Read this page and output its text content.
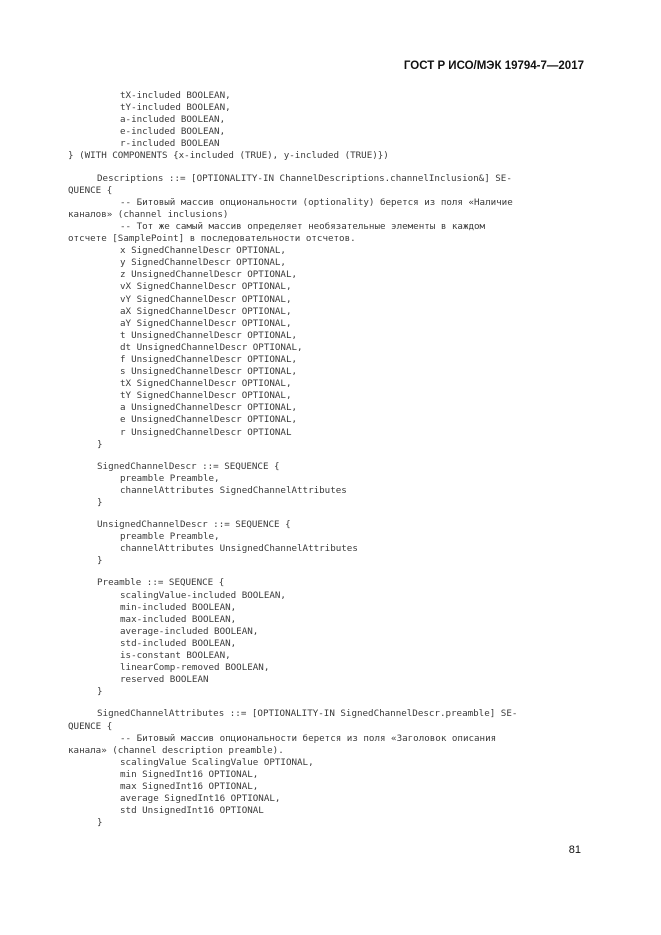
ГОСТ Р ИСО/МЭК 19794-7—2017
tX-included BOOLEAN,
tY-included BOOLEAN,
a-included BOOLEAN,
e-included BOOLEAN,
r-included BOOLEAN
} (WITH COMPONENTS {x-included (TRUE), y-included (TRUE)})
Descriptions ::= [OPTIONALITY-IN ChannelDescriptions.channelInclusion&] SE-
QUENCE {
-- Битовый массив опциональности (optionality) берется из поля «Наличие
каналов» (channel inclusions)
-- Тот же самый массив определяет необязательные элементы в каждом
отсчете [SamplePoint] в последовательности отсчетов.
x SignedChannelDescr OPTIONAL,
y SignedChannelDescr OPTIONAL,
z UnsignedChannelDescr OPTIONAL,
vX SignedChannelDescr OPTIONAL,
vY SignedChannelDescr OPTIONAL,
aX SignedChannelDescr OPTIONAL,
aY SignedChannelDescr OPTIONAL,
t UnsignedChannelDescr OPTIONAL,
dt UnsignedChannelDescr OPTIONAL,
f UnsignedChannelDescr OPTIONAL,
s UnsignedChannelDescr OPTIONAL,
tX SignedChannelDescr OPTIONAL,
tY SignedChannelDescr OPTIONAL,
a UnsignedChannelDescr OPTIONAL,
e UnsignedChannelDescr OPTIONAL,
r UnsignedChannelDescr OPTIONAL
}
SignedChannelDescr ::= SEQUENCE {
preamble Preamble,
channelAttributes SignedChannelAttributes
}
UnsignedChannelDescr ::= SEQUENCE {
preamble Preamble,
channelAttributes UnsignedChannelAttributes
}
Preamble ::= SEQUENCE {
scalingValue-included BOOLEAN,
min-included BOOLEAN,
max-included BOOLEAN,
average-included BOOLEAN,
std-included BOOLEAN,
is-constant BOOLEAN,
linearComp-removed BOOLEAN,
reserved BOOLEAN
}
SignedChannelAttributes ::= [OPTIONALITY-IN SignedChannelDescr.preamble] SE-
QUENCE {
-- Битовый массив опциональности берется из поля «Заголовок описания
канала» (channel description preamble).
scalingValue ScalingValue OPTIONAL,
min SignedInt16 OPTIONAL,
max SignedInt16 OPTIONAL,
average SignedInt16 OPTIONAL,
std UnsignedInt16 OPTIONAL
}
81
